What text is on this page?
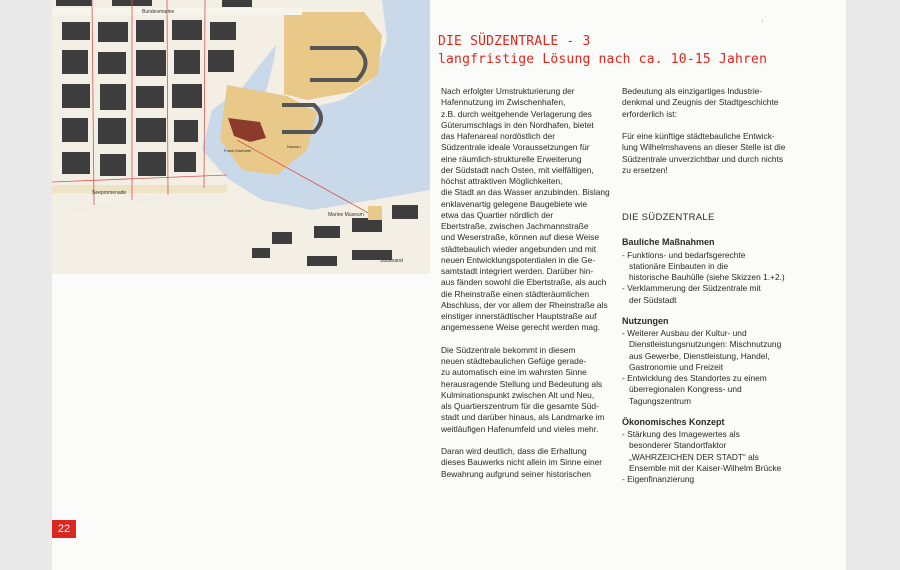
Bundesmarine
Seepromenade
Marine Museum
Südstrand
Frank Marbarte
Nassau
'
DIE SÜDZENTRALE - 3
langfristige Lösung nach ca. 10-15 Jahren

Nach erfolgter Umstrukturierung der
Hafennutzung im Zwischenhafen,
z.B. durch weitgehende Verlagerung des
Güterumschlags in den Nordhafen, bietet
das Hafenareal nordöstlich der
Südzentrale ideale Voraussetzungen für
eine räumlich-strukturelle Erweiterung
der Südstadt nach Osten, mit vielfältigen,
höchst attraktiven Möglichkeiten,
die Stadt an das Wasser anzubinden. Bislang
enklavenartig gelegene Baugebiete wie
etwa das Quartier nördlich der
Ebertstraße, zwischen Jachmannstraße
und Weserstraße, können auf diese Weise
städtebaulich wieder angebunden und mit
neuen Entwicklungspotentialen in die Ge-
samtstadt integriert werden. Darüber hin-
aus fänden sowohl die Ebertstraße, als auch
die Rheinstraße einen städteräumlichen
Abschluss, der vor allem der Rheinstraße als
einstiger innerstädtischer Hauptstraße auf
angemessene Weise gerecht werden mag.

Die Südzentrale bekommt in diesem
neuen städtebaulichen Gefüge gerade-
zu automatisch eine im wahrsten Sinne
herausragende Stellung und Bedeutung als
Kulminationspunkt zwischen Alt und Neu,
als Quartierszentrum für die gesamte Süd-
stadt und darüber hinaus, als Landmarke im
weitläufigen Hafenumfeld und vieles mehr.

Daran wird deutlich, dass die Erhaltung
dieses Bauwerks nicht allein im Sinne einer
Bewahrung aufgrund seiner historischen

Bedeutung als einzigartiges Industrie-
denkmal und Zeugnis der Stadtgeschichte
erforderlich ist:

Für eine künftige städtebauliche Entwick-
lung Wilhelmshavens an dieser Stelle ist die
Südzentrale unverzichtbar und durch nichts
zu ersetzen!

DIE SÜDZENTRALE
Bauliche Maßnahmen
- Funktions- und bedarfsgerechte
stationäre Einbauten in die
historische Bauhülle (siehe Skizzen 1.+2.)
- Verklammerung der Südzentrale mit
der Südstadt
Nutzungen
- Weiterer Ausbau der Kultur- und
Dienstleistungsnutzungen: Mischnutzung
aus Gewerbe, Dienstleistung, Handel,
Gastronomie und Freizeit
- Entwicklung des Standortes zu einem
überregionalen Kongress- und
Tagungszentrum
Ökonomisches Konzept
- Stärkung des Imagewertes als
besonderer Standortfaktor
„WAHRZEICHEN DER STADT“ als
Ensemble mit der Kaiser-Wilhelm Brücke
- Eigenfinanzierung
22
